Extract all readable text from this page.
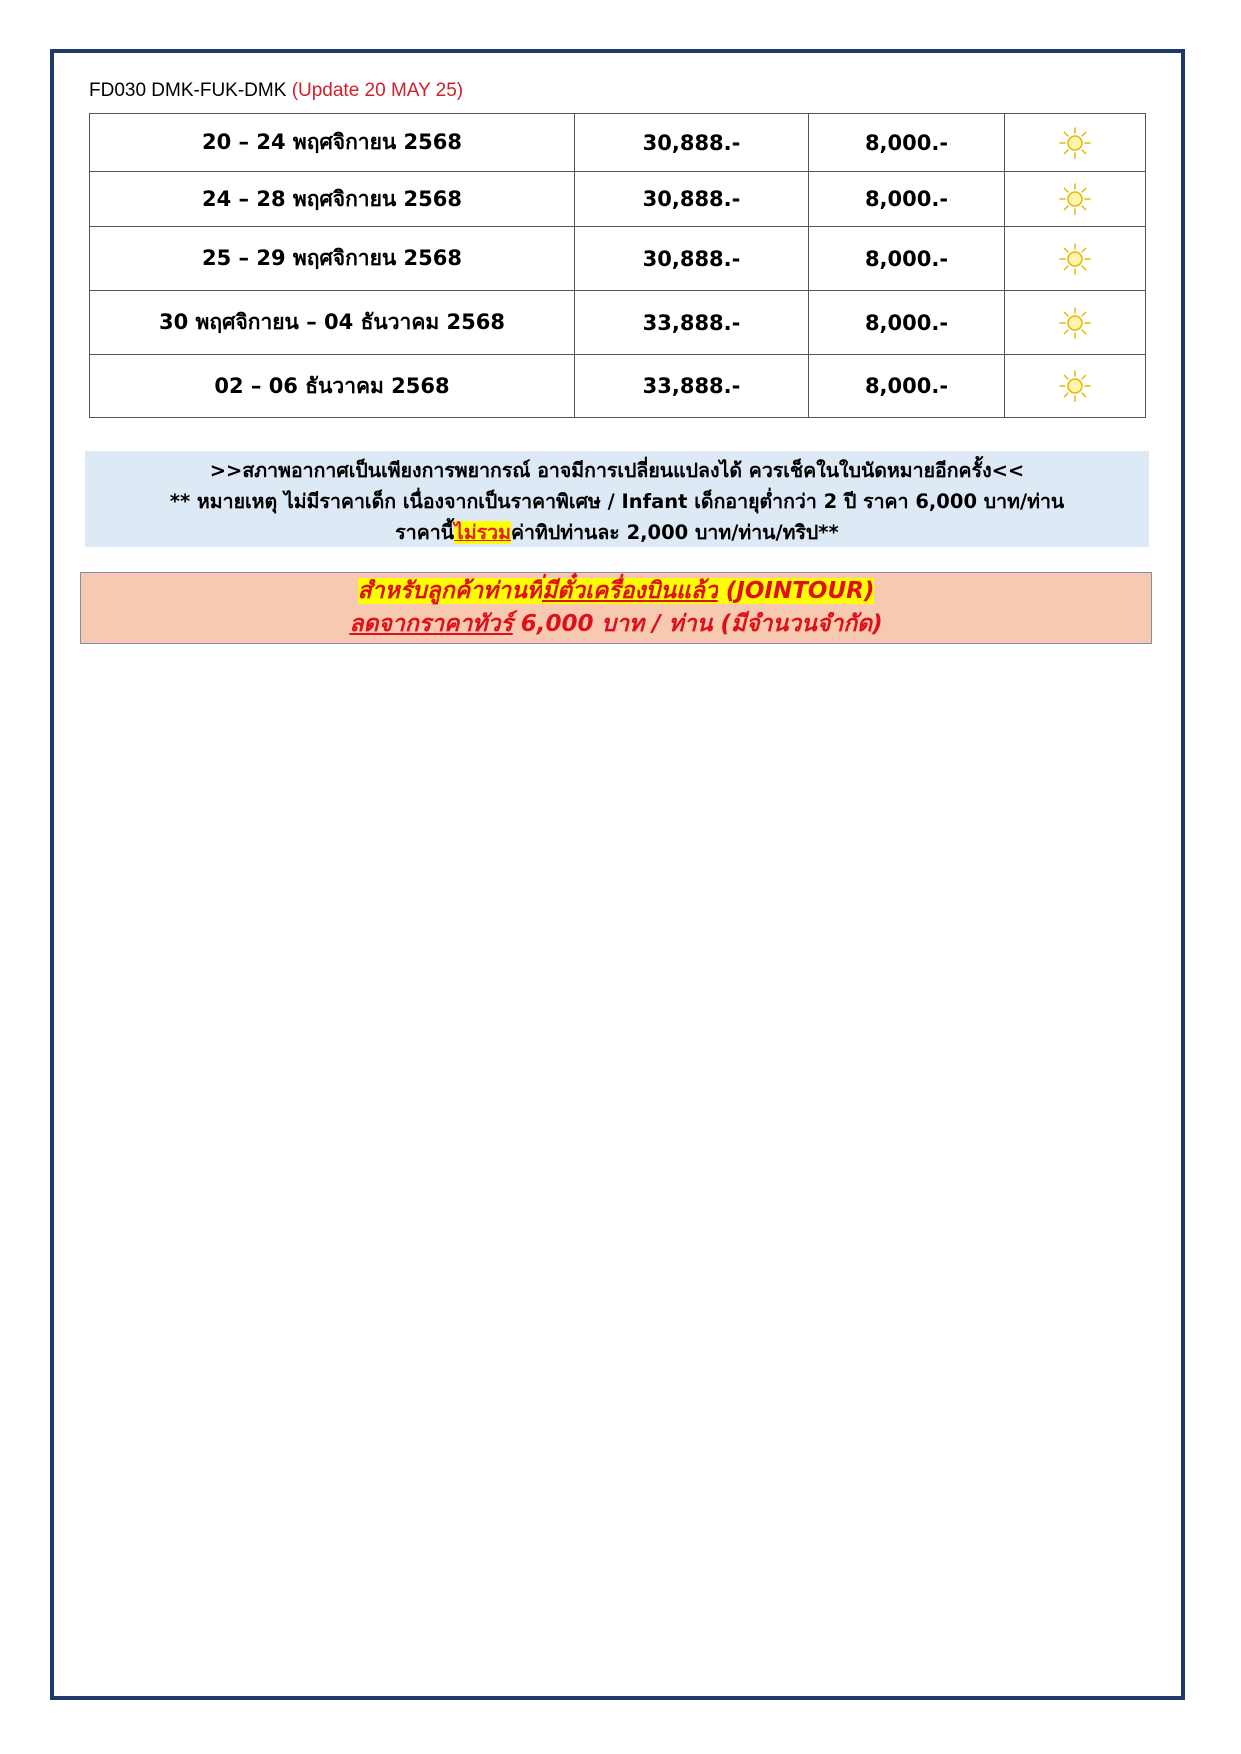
FD030 DMK-FUK-DMK (Update 20 MAY 25)
20 – 24 พฤศจิกายน 2568	30,888.-	8,000.-	
24 – 28 พฤศจิกายน 2568	30,888.-	8,000.-	
25 – 29 พฤศจิกายน 2568	30,888.-	8,000.-	
30 พฤศจิกายน – 04 ธันวาคม 2568	33,888.-	8,000.-	
02 – 06 ธันวาคม 2568	33,888.-	8,000.-	
>>สภาพอากาศเป็นเพียงการพยากรณ์ อาจมีการเปลี่ยนแปลงได้ ควรเช็คในใบนัดหมายอีกครั้ง<<
** หมายเหตุ ไม่มีราคาเด็ก เนื่องจากเป็นราคาพิเศษ / Infant เด็กอายุต่ำกว่า 2 ปี ราคา 6,000 บาท/ท่าน
ราคานี้ไม่รวมค่าทิปท่านละ 2,000 บาท/ท่าน/ทริป**
สำหรับลูกค้าท่านที่มีตั๋วเครื่องบินแล้ว (JOINTOUR)
ลดจากราคาทัวร์ 6,000 บาท / ท่าน (มีจำนวนจำกัด)
